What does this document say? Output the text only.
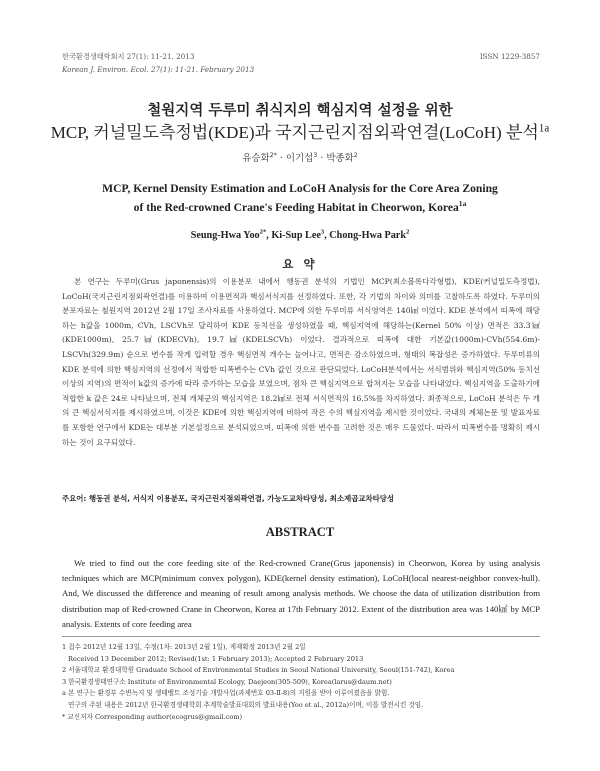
한국환경생태학회지 27(1): 11-21. 2013
Korean J. Environ. Ecol. 27(1): 11-21. February 2013
ISSN 1229-3857
철원지역 두루미 취식지의 핵심지역 설정을 위한
MCP, 커널밀도측정법(KDE)과 국지근린지점외곽연결(LoCoH) 분석$^{1a}$
유승화$^{2*}$ · 이기섭$^3$ · 박종화$^2$
MCP, Kernel Density Estimation and LoCoH Analysis for the Core Area Zoning
of the Red-crowned Crane's Feeding Habitat in Cheorwon, Korea$^{1a}$
Seung-Hwa Yoo$^{2*}$, Ki-Sup Lee$^3$, Chong-Hwa Park$^2$
요 약
본 연구는 두루미(Grus japonensis)의 이용분포 내에서 행동권 분석의 기법인 MCP(최소볼록다각형법), KDE(커널밀도측정법), LoCoH(국지근린지점외곽연결)를 이용하여 이용면적과 핵심서식지를 선정하였다. 또한, 각 기법의 차이와 의미를 고찰하도록 하였다. 두루미의 분포자료는 철원지역 2012년 2월 17일 조사자료를 사용하였다. MCP에 의한 두루미류 서식영역은 140㎢ 이었다. KDE 분석에서 띠폭에 해당하는 h값을 1000m, CVh, LSCVh로 달리하여 KDE 등치선을 생성하였을 때, 핵심지역에 해당하는(Kernel 50% 이상) 면적은 33.3㎢(KDE1000m), 25.7㎢(KDECVh), 19.7㎢(KDELSCVh) 이었다. 결과적으로 띠폭에 대한 기본값(1000m)-CVh(554.6m)-LSCVh(329.9m) 순으로 변수를 작게 입력할 경우 핵심면적 개수는 늘어나고, 면적은 감소하였으며, 형태의 복잡성은 증가하였다. 두루미류의 KDE 분석에 의한 핵심지역의 선정에서 적합한 띠폭변수는 CVh 값인 것으로 판단되었다. LoCoH분석에서는 서식범위와 핵심지역(50% 등치선 이상의 지역)의 면적이 k값의 증가에 따라 증가하는 모습을 보였으며, 점차 큰 핵심지역으로 합쳐지는 모습을 나타내었다. 핵심지역을 도출하기에 적합한 k 값은 24로 나타났으며, 전체 개체군의 핵심지역은 18.2㎢로 전체 서식면적의 16.5%를 차지하였다. 최종적으로, LoCoH 분석은 두 개의 큰 핵심서식지를 제시하였으며, 이것은 KDE에 의한 핵심지역에 비하여 작은 수의 핵심지역을 제시한 것이었다. 국내의 계체논문 및 발표자료를 포함한 연구에서 KDE는 대부분 기본설정으로 분석되었으며, 띠폭에 의한 변수를 고려한 것은 매우 드물었다. 따라서 띠폭변수를 명확히 제시하는 것이 요구되었다.
주요어: 행동권 분석, 서식지 이용분포, 국지근린지점외곽연결, 가능도교차타당성, 최소제곱교차타당성
ABSTRACT
We tried to find out the core feeding site of the Red-crowned Crane(Grus japonensis) in Cheorwon, Korea by using analysis techniques which are MCP(minimum convex polygon), KDE(kernel density estimation), LoCoH(local nearest-neighbor convex-hull). And, We discussed the difference and meaning of result among analysis methods. We choose the data of utilization distribution from distribution map of Red-crowned Crane in Cheorwon, Korea at 17th February 2012. Extent of the distribution area was 140㎢ by MCP analysis. Extents of core feeding area
1 접수 2012년 12월 13일, 수정(1차: 2013년 2월 1일), 게재확정 2013년 2월 2일
Received 13 December 2012; Revised(1st: 1 February 2013); Accepted 2 February 2013
2 서울대학교 환경대학원 Graduate School of Environmental Studies in Seoul National University, Seoul(151-742), Korea
3 한국환경생태연구소 Institute of Environmental Ecology, Daejeon(305-509), Korea(larus@daum.net)
a 본 연구는 환경부 수변녹지 및 생태벨트 조성기술 개발사업(과제번호 03-Ⅱ-8)의 지원을 받아 이루어졌음을 밝힘.
연구의 주된 내용은 2012년 한국환경생태학회 추계학술발표대회의 발표내용(Yoo et al., 2012a)이며, 이를 발전시킨 것임.
* 교신저자 Corresponding author(ecogrus@gmail.com)
